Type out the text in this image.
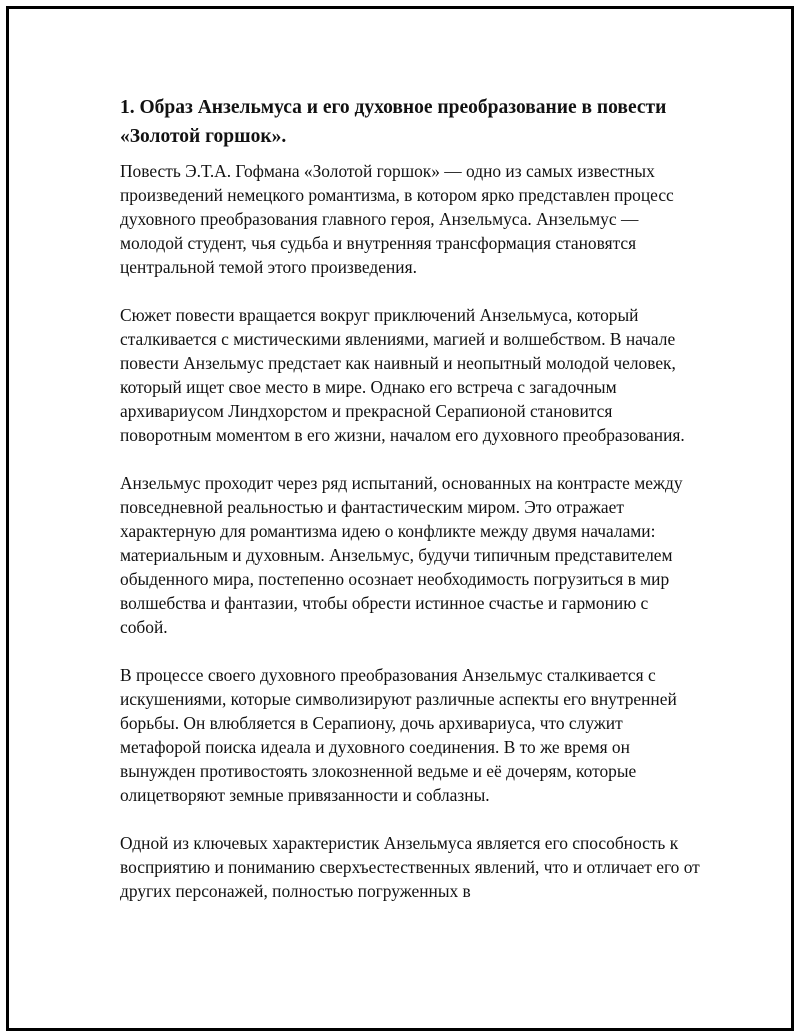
1. Образ Анзельмуса и его духовное преобразование в повести «Золотой горшок».

Повесть Э.Т.А. Гофмана «Золотой горшок» — одно из самых известных произведений немецкого романтизма, в котором ярко представлен процесс духовного преобразования главного героя, Анзельмуса. Анзельмус — молодой студент, чья судьба и внутренняя трансформация становятся центральной темой этого произведения.

Сюжет повести вращается вокруг приключений Анзельмуса, который сталкивается с мистическими явлениями, магией и волшебством. В начале повести Анзельмус предстает как наивный и неопытный молодой человек, который ищет свое место в мире. Однако его встреча с загадочным архивариусом Линдхорстом и прекрасной Серапионой становится поворотным моментом в его жизни, началом его духовного преобразования.

Анзельмус проходит через ряд испытаний, основанных на контрасте между повседневной реальностью и фантастическим миром. Это отражает характерную для романтизма идею о конфликте между двумя началами: материальным и духовным. Анзельмус, будучи типичным представителем обыденного мира, постепенно осознает необходимость погрузиться в мир волшебства и фантазии, чтобы обрести истинное счастье и гармонию с собой.

В процессе своего духовного преобразования Анзельмус сталкивается с искушениями, которые символизируют различные аспекты его внутренней борьбы. Он влюбляется в Серапиону, дочь архивариуса, что служит метафорой поиска идеала и духовного соединения. В то же время он вынужден противостоять злокозненной ведьме и её дочерям, которые олицетворяют земные привязанности и соблазны.

Одной из ключевых характеристик Анзельмуса является его способность к восприятию и пониманию сверхъестественных явлений, что и отличает его от других персонажей, полностью погруженных в
